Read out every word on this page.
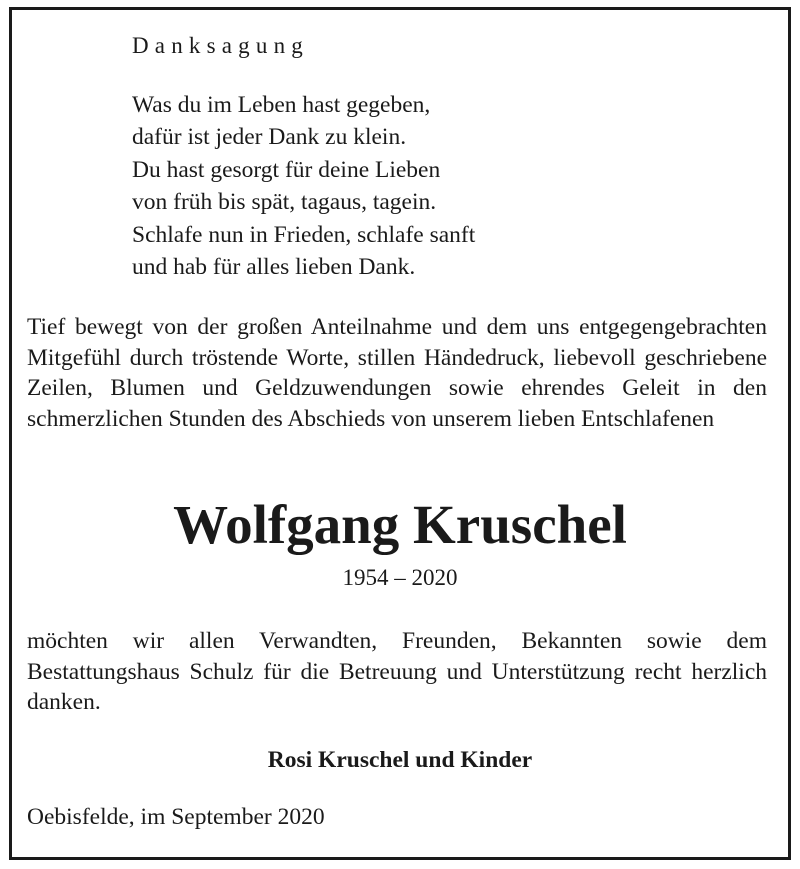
Danksagung
Was du im Leben hast gegeben,
dafür ist jeder Dank zu klein.
Du hast gesorgt für deine Lieben
von früh bis spät, tagaus, tagein.
Schlafe nun in Frieden, schlafe sanft
und hab für alles lieben Dank.
Tief bewegt von der großen Anteilnahme und dem uns entgegengebrachten Mitgefühl durch tröstende Worte, stillen Händedruck, liebevoll geschriebene Zeilen, Blumen und Geldzuwendungen sowie ehrendes Geleit in den schmerzlichen Stunden des Abschieds von unserem lieben Entschlafenen
Wolfgang Kruschel
1954 – 2020
möchten wir allen Verwandten, Freunden, Bekannten sowie dem Bestattungshaus Schulz für die Betreuung und Unterstützung recht herzlich danken.
Rosi Kruschel und Kinder
Oebisfelde, im September 2020
